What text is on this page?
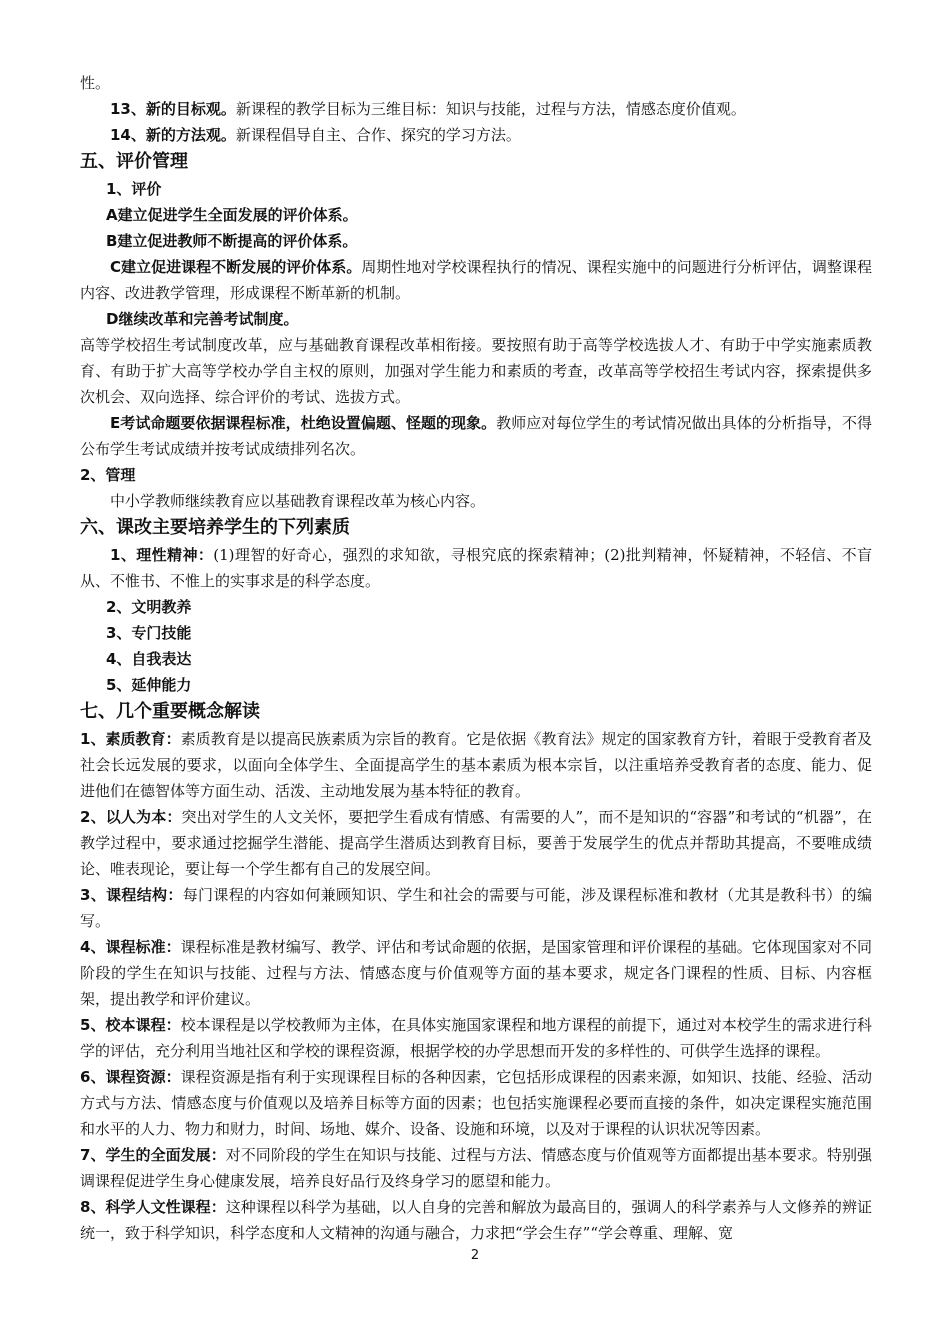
性。

13、新的目标观。新课程的教学目标为三维目标：知识与技能，过程与方法，情感态度价值观。

14、新的方法观。新课程倡导自主、合作、探究的学习方法。

五、评价管理

1、评价

A建立促进学生全面发展的评价体系。

B建立促进教师不断提高的评价体系。

C建立促进课程不断发展的评价体系。周期性地对学校课程执行的情况、课程实施中的问题进行分析评估，调整课程内容、改进教学管理，形成课程不断革新的机制。

D继续改革和完善考试制度。

高等学校招生考试制度改革，应与基础教育课程改革相衔接。要按照有助于高等学校选拔人才、有助于中学实施素质教育、有助于扩大高等学校办学自主权的原则，加强对学生能力和素质的考查，改革高等学校招生考试内容，探索提供多次机会、双向选择、综合评价的考试、选拔方式。

E考试命题要依据课程标准，杜绝设置偏题、怪题的现象。教师应对每位学生的考试情况做出具体的分析指导，不得公布学生考试成绩并按考试成绩排列名次。

2、管理

中小学教师继续教育应以基础教育课程改革为核心内容。

六、课改主要培养学生的下列素质

1、理性精神：(1)理智的好奇心，强烈的求知欲，寻根究底的探索精神；(2)批判精神，怀疑精神，不轻信、不盲从、不惟书、不惟上的实事求是的科学态度。

2、文明教养

3、专门技能

4、自我表达

5、延伸能力

七、几个重要概念解读

1、素质教育：素质教育是以提高民族素质为宗旨的教育。它是依据《教育法》规定的国家教育方针，着眼于受教育者及社会长远发展的要求，以面向全体学生、全面提高学生的基本素质为根本宗旨，以注重培养受教育者的态度、能力、促进他们在德智体等方面生动、活泼、主动地发展为基本特征的教育。

2、以人为本：突出对学生的人文关怀，要把学生看成有情感、有需要的人”，而不是知识的“容器”和考试的“机器”，在教学过程中，要求通过挖掘学生潜能、提高学生潜质达到教育目标，要善于发展学生的优点并帮助其提高，不要唯成绩论、唯表现论，要让每一个学生都有自己的发展空间。

3、课程结构：每门课程的内容如何兼顾知识、学生和社会的需要与可能，涉及课程标准和教材（尤其是教科书）的编写。

4、课程标准：课程标准是教材编写、教学、评估和考试命题的依据，是国家管理和评价课程的基础。它体现国家对不同阶段的学生在知识与技能、过程与方法、情感态度与价值观等方面的基本要求，规定各门课程的性质、目标、内容框架，提出教学和评价建议。

5、校本课程：校本课程是以学校教师为主体，在具体实施国家课程和地方课程的前提下，通过对本校学生的需求进行科学的评估，充分利用当地社区和学校的课程资源，根据学校的办学思想而开发的多样性的、可供学生选择的课程。

6、课程资源：课程资源是指有利于实现课程目标的各种因素，它包括形成课程的因素来源，如知识、技能、经验、活动方式与方法、情感态度与价值观以及培养目标等方面的因素；也包括实施课程必要而直接的条件，如决定课程实施范围和水平的人力、物力和财力，时间、场地、媒介、设备、设施和环境，以及对于课程的认识状况等因素。

7、学生的全面发展：对不同阶段的学生在知识与技能、过程与方法、情感态度与价值观等方面都提出基本要求。特别强调课程促进学生身心健康发展，培养良好品行及终身学习的愿望和能力。

8、科学人文性课程：这种课程以科学为基础，以人自身的完善和解放为最高目的，强调人的科学素养与人文修养的辨证统一，致于科学知识，科学态度和人文精神的沟通与融合，力求把“学会生存”“学会尊重、理解、宽

2
